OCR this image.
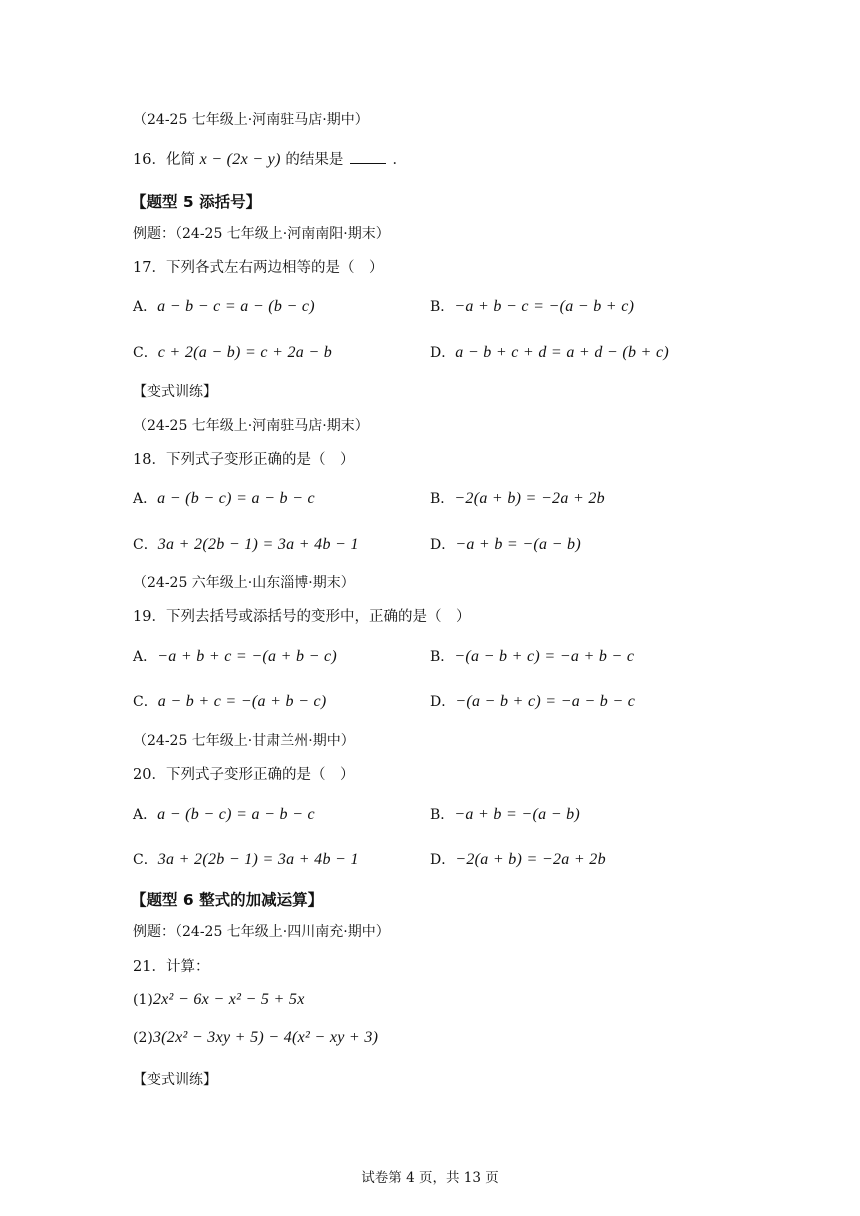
（24-25 七年级上·河南驻马店·期中）
16．化简 x − (2x − y) 的结果是	．
【题型 5 添括号】
例题：（24-25 七年级上·河南南阳·期末）
17．下列各式左右两边相等的是（　）
A．a − b − c = a − (b − c)	B．−a + b − c = −(a − b + c)
C．c + 2(a − b) = c + 2a − b	D．a − b + c + d = a + d − (b + c)
【变式训练】
（24-25 七年级上·河南驻马店·期末）
18．下列式子变形正确的是（　）
A．a − (b − c) = a − b − c	B．−2(a + b) = −2a + 2b
C．3a + 2(2b − 1) = 3a + 4b − 1	D．−a + b = −(a − b)
（24-25 六年级上·山东淄博·期末）
19．下列去括号或添括号的变形中，正确的是（　）
A．−a + b + c = −(a + b − c)	B．−(a − b + c) = −a + b − c
C．a − b + c = −(a + b − c)	D．−(a − b + c) = −a − b − c
（24-25 七年级上·甘肃兰州·期中）
20．下列式子变形正确的是（　）
A．a − (b − c) = a − b − c	B．−a + b = −(a − b)
C．3a + 2(2b − 1) = 3a + 4b − 1	D．−2(a + b) = −2a + 2b
【题型 6 整式的加减运算】
例题：（24-25 七年级上·四川南充·期中）
21．计算：
(1)2x² − 6x − x² − 5 + 5x
(2)3(2x² − 3xy + 5) − 4(x² − xy + 3)
【变式训练】
试卷第 4 页，共 13 页
